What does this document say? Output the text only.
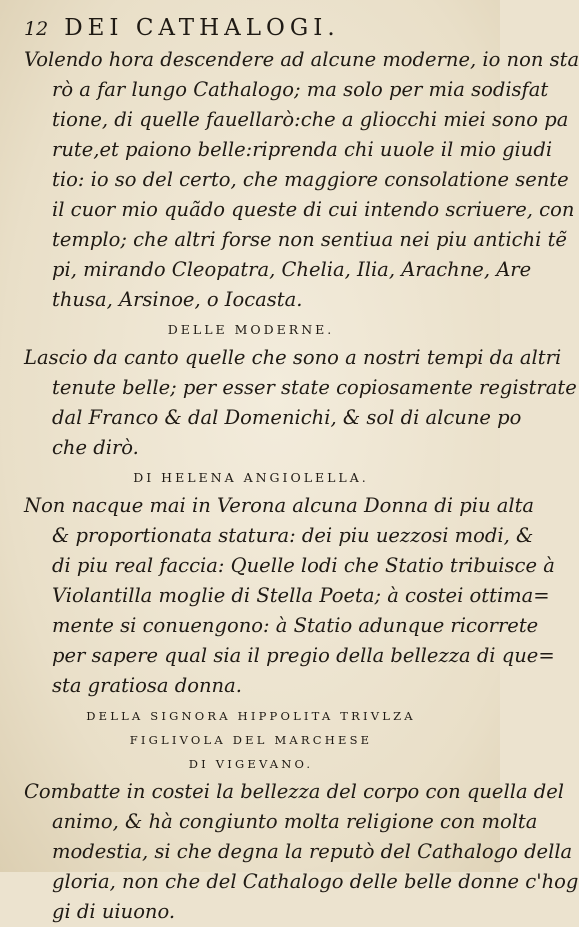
12 DEI CATHALOGI.

Volendo hora descendere ad alcune moderne, io non sta
rò a far lungo Cathalogo; ma solo per mia sodisfat
tione, di quelle fauellarò:che a gliocchi miei sono pa
rute,et paiono belle:riprenda chi uuole il mio giudi
tio: io so del certo, che maggiore consolatione sente
il cuor mio quãdo queste di cui intendo scriuere, con
templo; che altri forse non sentiua nei piu antichi tẽ
pi, mirando Cleopatra, Chelia, Ilia, Arachne, Are
thusa, Arsinoe, o Iocasta.

DELLE MODERNE.

Lascio da canto quelle che sono a nostri tempi da altri
tenute belle; per esser state copiosamente registrate
dal Franco & dal Domenichi, & sol di alcune po
che dirò.

DI HELENA ANGIOLELLA.

Non nacque mai in Verona alcuna Donna di piu alta
& proportionata statura: dei piu uezzosi modi, &
di piu real faccia: Quelle lodi che Statio tribuisce à
Violantilla moglie di Stella Poeta; à costei ottima=
mente si conuengono: à Statio adunque ricorrete
per sapere qual sia il pregio della bellezza di que=
sta gratiosa donna.

DELLA SIGNORA HIPPOLITA TRIVLZA
FIGLIVOLA DEL MARCHESE
DI VIGEVANO.

Combatte in costei la bellezza del corpo con quella del
animo, & hà congiunto molta religione con molta
modestia, si che degna la reputò del Cathalogo della
gloria, non che del Cathalogo delle belle donne c'hog
gi di uiuono.
